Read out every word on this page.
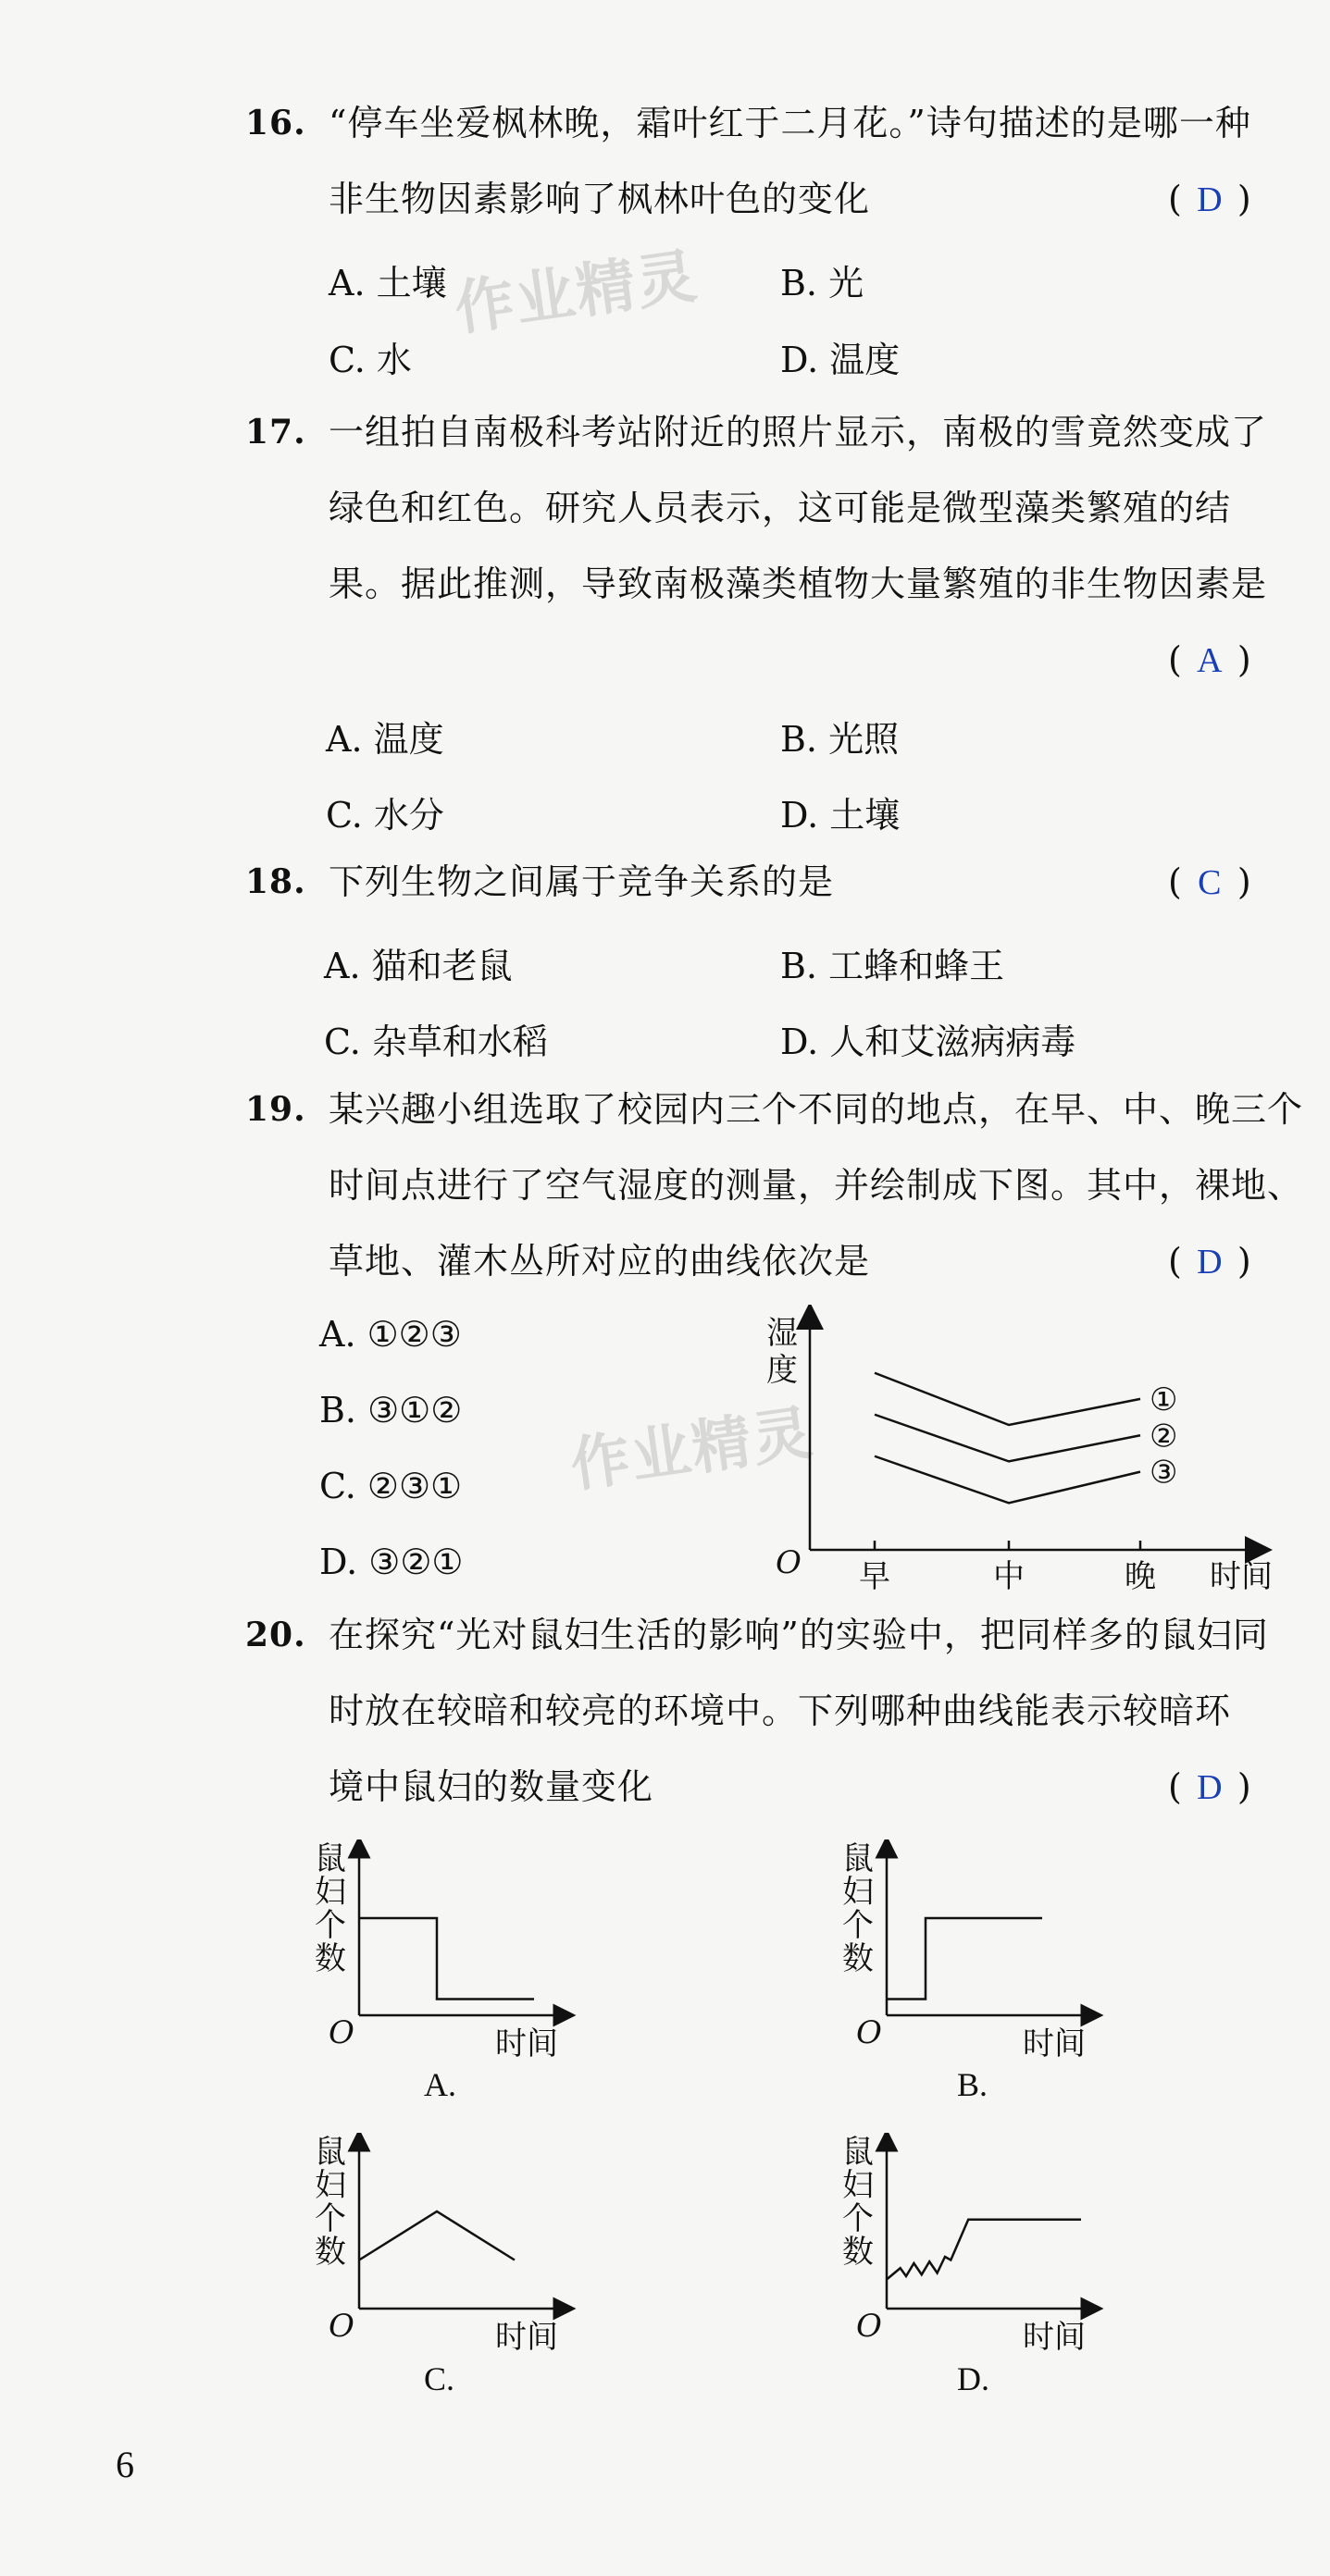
作业精灵
作业精灵
16. “停车坐爱枫林晚，霜叶红于二月花。”诗句描述的是哪一种
非生物因素影响了枫林叶色的变化	( D )
A. 土壤	B. 光
C. 水	D. 温度
17. 一组拍自南极科考站附近的照片显示，南极的雪竟然变成了
绿色和红色。研究人员表示，这可能是微型藻类繁殖的结
果。据此推测，导致南极藻类植物大量繁殖的非生物因素是
( A )
A. 温度	B. 光照
C. 水分	D. 土壤
18. 下列生物之间属于竞争关系的是	( C )
A. 猫和老鼠	B. 工蜂和蜂王
C. 杂草和水稻	D. 人和艾滋病病毒
19. 某兴趣小组选取了校园内三个不同的地点，在早、中、晚三个
时间点进行了空气湿度的测量，并绘制成下图。其中，裸地、
草地、灌木丛所对应的曲线依次是	( D )
A. ①②③
B. ③①②
C. ②③①
D. ③②①	早	中	晚
①
②
③
湿
度
O	时间
20. 在探究“光对鼠妇生活的影响”的实验中，把同样多的鼠妇同
时放在较暗和较亮的环境中。下列哪种曲线能表示较暗环
境中鼠妇的数量变化	( D )
鼠
妇
个
数
O	时间
鼠
妇
个
数
O	时间
鼠
妇
个
数
O	时间
鼠
妇
个
数
O	时间
A.	B.
C.	D.
6
